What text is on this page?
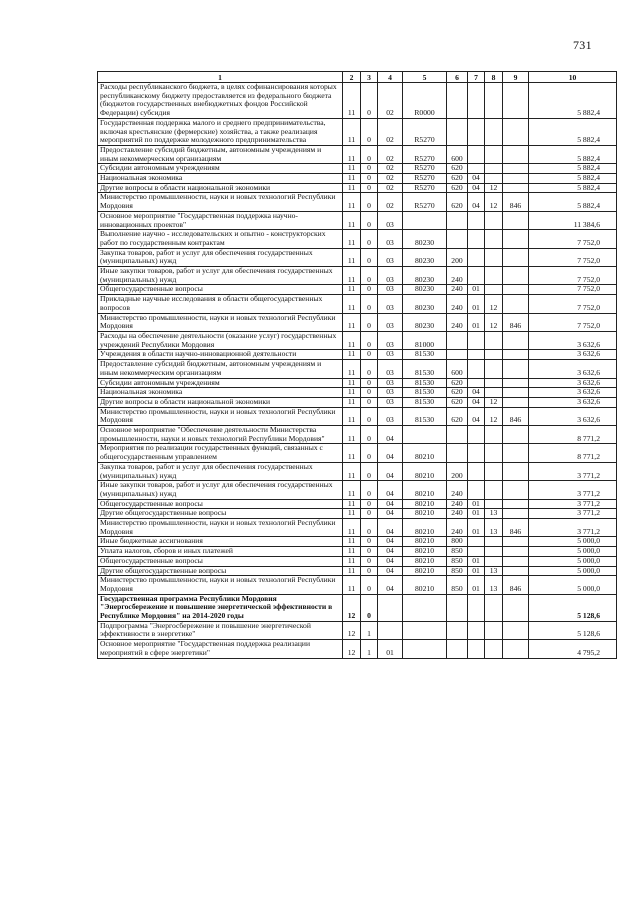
731
1	2	3	4	5	6	7	8	9	10
Расходы республиканского бюджета, в целях софинансирования которых республиканскому бюджету предоставляется из федерального бюджета (бюджетов государственных внебюджетных фондов Российской Федерации) субсидия	11	0	02	R0000					5 882,4
Государственная поддержка малого и среднего предпринимательства, включая крестьянские (фермерские) хозяйства, а также реализация мероприятий по поддержке молодежного предпринимательства	11	0	02	R5270					5 882,4
Предоставление субсидий бюджетным, автономным учреждениям и иным некоммерческим организациям	11	0	02	R5270	600				5 882,4
Субсидии автономным учреждениям	11	0	02	R5270	620				5 882,4
Национальная экономика	11	0	02	R5270	620	04			5 882,4
Другие вопросы в области национальной экономики	11	0	02	R5270	620	04	12		5 882,4
Министерство промышленности, науки и новых технологий Республики Мордовия	11	0	02	R5270	620	04	12	846	5 882,4
Основное мероприятие "Государственная поддержка научно-инновационных проектов"	11	0	03						11 384,6
Выполнение научно - исследовательских и опытно - конструкторских работ по государственным контрактам	11	0	03	80230					7 752,0
Закупка товаров, работ и услуг для обеспечения государственных (муниципальных) нужд	11	0	03	80230	200				7 752,0
Иные закупки товаров, работ и услуг для обеспечения государственных (муниципальных) нужд	11	0	03	80230	240				7 752,0
Общегосударственные вопросы	11	0	03	80230	240	01			7 752,0
Прикладные научные исследования в области общегосударственных вопросов	11	0	03	80230	240	01	12		7 752,0
Министерство промышленности, науки и новых технологий Республики Мордовия	11	0	03	80230	240	01	12	846	7 752,0
Расходы на обеспечение деятельности (оказание услуг) государственных учреждений Республики Мордовия	11	0	03	81000					3 632,6
Учреждения в области научно-инновационной деятельности	11	0	03	81530					3 632,6
Предоставление субсидий бюджетным, автономным учреждениям и иным некоммерческим организациям	11	0	03	81530	600				3 632,6
Субсидии автономным учреждениям	11	0	03	81530	620				3 632,6
Национальная экономика	11	0	03	81530	620	04			3 632,6
Другие вопросы в области национальной экономики	11	0	03	81530	620	04	12		3 632,6
Министерство промышленности, науки и новых технологий Республики Мордовия	11	0	03	81530	620	04	12	846	3 632,6
Основное мероприятие "Обеспечение деятельности Министерства промышленности, науки и новых технологий Республики Мордовия"	11	0	04						8 771,2
Мероприятия по реализации государственных функций, связанных с общегосударственным управлением	11	0	04	80210					8 771,2
Закупка товаров, работ и услуг для обеспечения государственных (муниципальных) нужд	11	0	04	80210	200				3 771,2
Иные закупки товаров, работ и услуг для обеспечения государственных (муниципальных) нужд	11	0	04	80210	240				3 771,2
Общегосударственные вопросы	11	0	04	80210	240	01			3 771,2
Другие общегосударственные вопросы	11	0	04	80210	240	01	13		3 771,2
Министерство промышленности, науки и новых технологий Республики Мордовия	11	0	04	80210	240	01	13	846	3 771,2
Иные бюджетные ассигнования	11	0	04	80210	800				5 000,0
Уплата налогов, сборов и иных платежей	11	0	04	80210	850				5 000,0
Общегосударственные вопросы	11	0	04	80210	850	01			5 000,0
Другие общегосударственные вопросы	11	0	04	80210	850	01	13		5 000,0
Министерство промышленности, науки и новых технологий Республики Мордовия	11	0	04	80210	850	01	13	846	5 000,0
Государственная программа Республики Мордовия "Энергосбережение и повышение энергетической эффективности в Республике Мордовия" на 2014-2020 годы	12	0							5 128,6
Подпрограмма "Энергосбережение и повышение энергетической эффективности в энергетике"	12	1							5 128,6
Основное мероприятие "Государственная поддержка реализации мероприятий в сфере энергетики"	12	1	01						4 795,2
